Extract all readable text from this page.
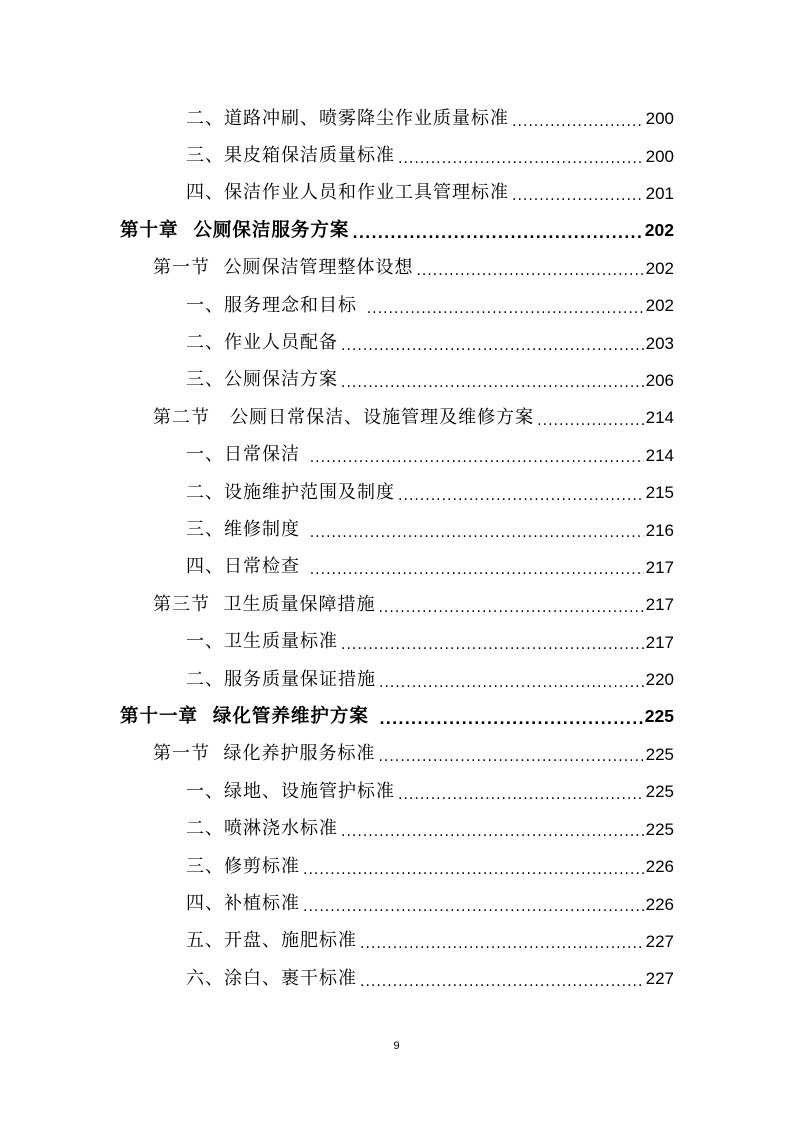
二、道路冲刷、喷雾降尘作业质量标准 .....	200
三、果皮箱保洁质量标准 .....	200
四、保洁作业人员和作业工具管理标准 .....	201
第十章  公厕保洁服务方案 .....	202
第一节  公厕保洁管理整体设想 .....	202
一、服务理念和目标 .....	202
二、作业人员配备 .....	203
三、公厕保洁方案 .....	206
第二节   公厕日常保洁、设施管理及维修方案 .....	214
一、日常保洁 .....	214
二、设施维护范围及制度 .....	215
三、维修制度 .....	216
四、日常检查 .....	217
第三节  卫生质量保障措施 .....	217
一、卫生质量标准 .....	217
二、服务质量保证措施 .....	220
第十一章  绿化管养维护方案 .....	225
第一节  绿化养护服务标准 .....	225
一、绿地、设施管护标准 .....	225
二、喷淋浇水标准 .....	225
三、修剪标准 .....	226
四、补植标准 .....	226
五、开盘、施肥标准 .....	227
六、涂白、裹干标准 .....	227
9
